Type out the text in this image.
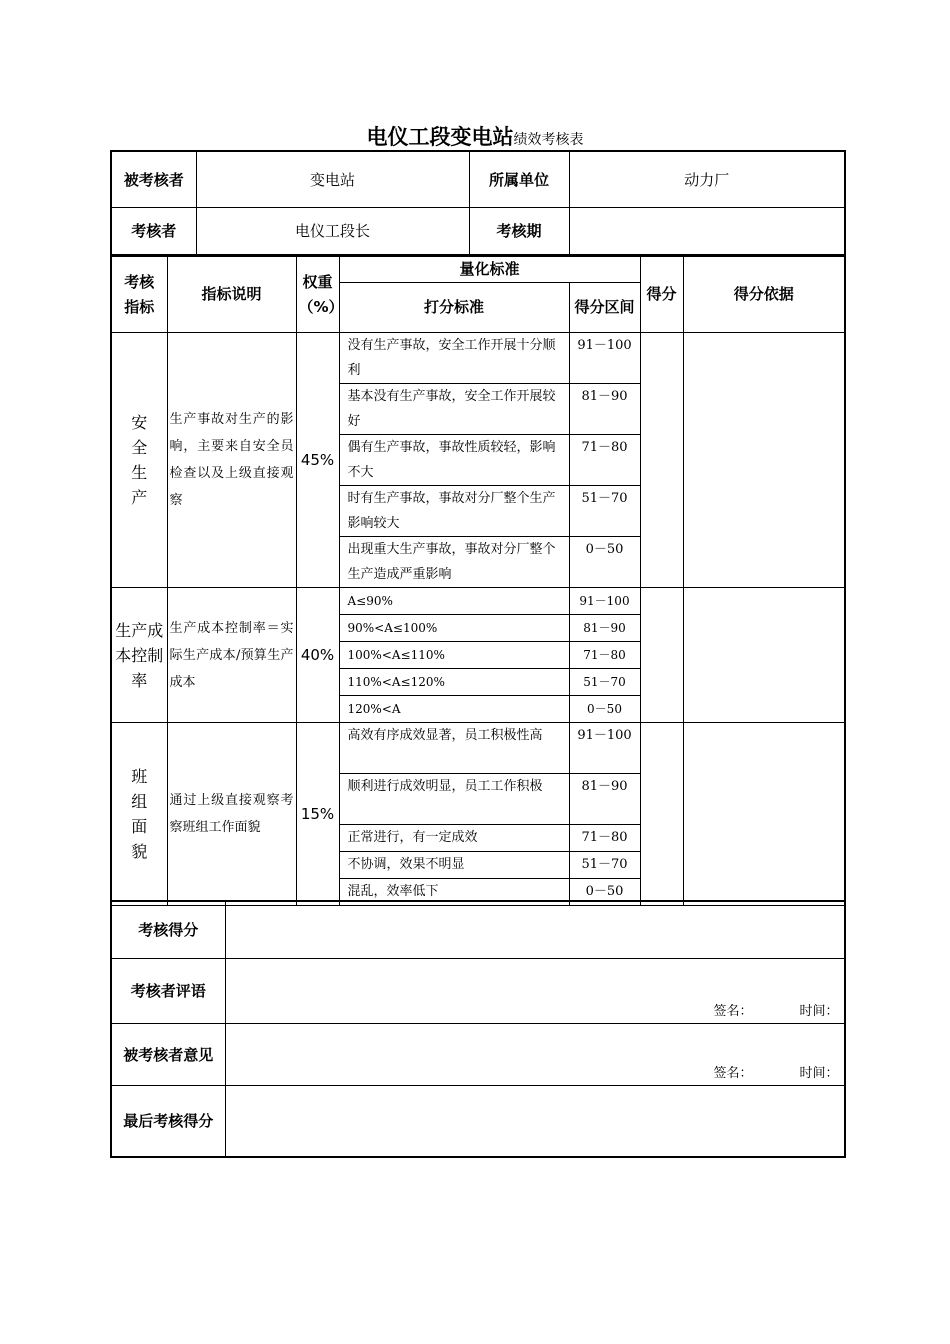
电仪工段变电站绩效考核表
被考核者	变电站	所属单位	动力厂
考核者	电仪工段长	考核期	
考核指标	指标说明	权重（%）	量化标准		得分	得分依据
			打分标准	得分区间		
安全生产	生产事故对生产的影响，主要来自安全员检查以及上级直接观察	45%	没有生产事故，安全工作开展十分顺利	91－100		
			基本没有生产事故，安全工作开展较好	81－90		
			偶有生产事故，事故性质较轻，影响不大	71－80		
			时有生产事故，事故对分厂整个生产影响较大	51－70		
			出现重大生产事故，事故对分厂整个生产造成严重影响	0－50		
生产成本控制率	生产成本控制率＝实际生产成本/预算生产成本	40%	A≤90%	91－100		
			90%<A≤100%	81－90		
			100%<A≤110%	71－80		
			110%<A≤120%	51－70		
			120%<A	0－50		
班组面貌	通过上级直接观察考察班组工作面貌	15%	高效有序成效显著，员工积极性高	91－100		
			顺利进行成效明显，员工工作积极	81－90		
			正常进行，有一定成效	71－80		
			不协调，效果不明显	51－70		
			混乱，效率低下	0－50		
考核得分	
考核者评语	签名： 时间：

被考核者意见	签名： 时间：

最后考核得分	
